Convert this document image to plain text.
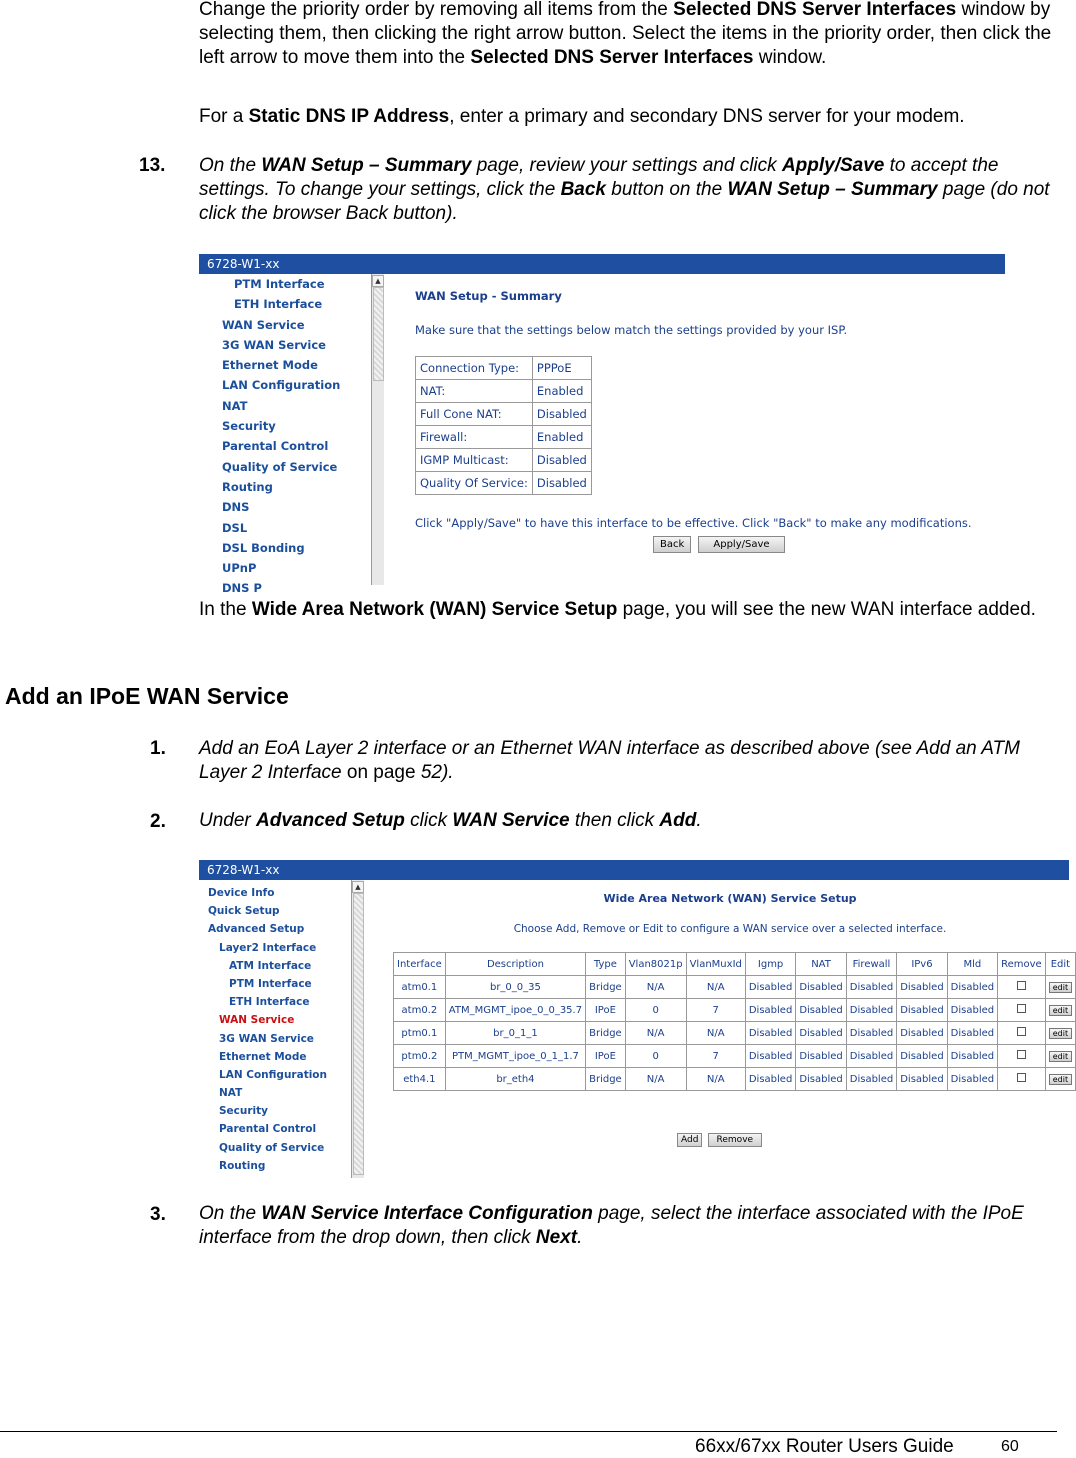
Change the priority order by removing all items from the Selected DNS Server Interfaces window by selecting them, then clicking the right arrow button. Select the items in the priority order, then click the left arrow to move them into the Selected DNS Server Interfaces window.
For a Static DNS IP Address, enter a primary and secondary DNS server for your modem.
13. On the WAN Setup – Summary page, review your settings and click Apply/Save to accept the settings. To change your settings, click the Back button on the WAN Setup – Summary page (do not click the browser Back button).
6728-W1-xx
PTM Interface
ETH Interface
WAN Service
3G WAN Service
Ethernet Mode
LAN Configuration
NAT
Security
Parental Control
Quality of Service
Routing
DNS
DSL
DSL Bonding
UPnP
DNS P
▲
WAN Setup - Summary
Make sure that the settings below match the settings provided by your ISP.
Connection Type:	PPPoE
NAT:	Enabled
Full Cone NAT:	Disabled
Firewall:	Enabled
IGMP Multicast:	Disabled
Quality Of Service:	Disabled
Click "Apply/Save" to have this interface to be effective. Click "Back" to make any modifications.
Back	Apply/Save
In the Wide Area Network (WAN) Service Setup page, you will see the new WAN interface added.
Add an IPoE WAN Service
1. Add an EoA Layer 2 interface or an Ethernet WAN interface as described above (see Add an ATM Layer 2 Interface on page 52).
2. Under Advanced Setup click WAN Service then click Add.
6728-W1-xx
Device Info
Quick Setup
Advanced Setup
Layer2 Interface
ATM Interface
PTM Interface
ETH Interface
WAN Service
3G WAN Service
Ethernet Mode
LAN Configuration
NAT
Security
Parental Control
Quality of Service
Routing
▲
Wide Area Network (WAN) Service Setup
Choose Add, Remove or Edit to configure a WAN service over a selected interface.
Interface	Description	Type	Vlan8021p	VlanMuxId	Igmp	NAT	Firewall	IPv6	Mld	Remove	Edit
atm0.1	br_0_0_35	Bridge	N/A	N/A	Disabled	Disabled	Disabled	Disabled	Disabled		edit
atm0.2	ATM_MGMT_ipoe_0_0_35.7	IPoE	0	7	Disabled	Disabled	Disabled	Disabled	Disabled		edit
ptm0.1	br_0_1_1	Bridge	N/A	N/A	Disabled	Disabled	Disabled	Disabled	Disabled		edit
ptm0.2	PTM_MGMT_ipoe_0_1_1.7	IPoE	0	7	Disabled	Disabled	Disabled	Disabled	Disabled		edit
eth4.1	br_eth4	Bridge	N/A	N/A	Disabled	Disabled	Disabled	Disabled	Disabled		edit
Add Remove
3. On the WAN Service Interface Configuration page, select the interface associated with the IPoE interface from the drop down, then click Next.
66xx/67xx Router Users Guide	60
